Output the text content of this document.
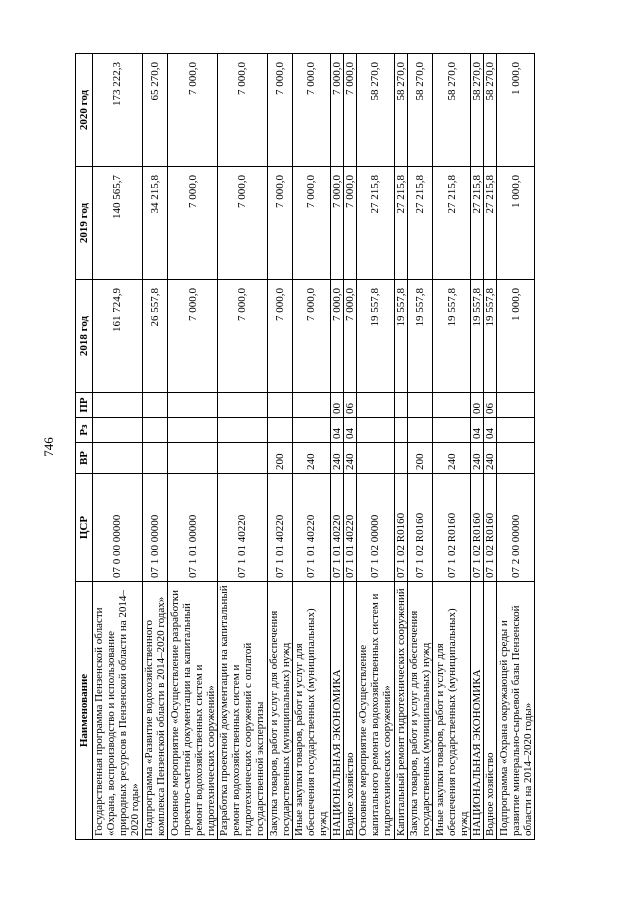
746
Наименование	ЦСР	ВР	Рз	ПР	2018 год	2019 год	2020 год
Государственная программа Пензенской области «Охрана, воспроизводство и использование природных ресурсов в Пензенской области на 2014–2020 годы»	07 0 00 00000				161 724,9	140 565,7	173 222,3
Подпрограмма «Развитие водохозяйственного комплекса Пензенской области в 2014–2020 годах»	07 1 00 00000				26 557,8	34 215,8	65 270,0
Основное мероприятие «Осуществление разработки проектно-сметной документации на капитальный ремонт водохозяйственных систем и гидротехнических сооружений»	07 1 01 00000				7 000,0	7 000,0	7 000,0
Разработка проектной документации на капитальный ремонт водохозяйственных систем и гидротехнических сооружений с оплатой государственной экспертизы	07 1 01 40220				7 000,0	7 000,0	7 000,0
Закупка товаров, работ и услуг для обеспечения государственных (муниципальных) нужд	07 1 01 40220	200			7 000,0	7 000,0	7 000,0
Иные закупки товаров, работ и услуг для обеспечения государственных (муниципальных) нужд	07 1 01 40220	240			7 000,0	7 000,0	7 000,0
НАЦИОНАЛЬНАЯ ЭКОНОМИКА	07 1 01 40220	240	04	00	7 000,0	7 000,0	7 000,0
Водное хозяйство	07 1 01 40220	240	04	06	7 000,0	7 000,0	7 000,0
Основное мероприятие «Осуществление капитального ремонта водохозяйственных систем и гидротехнических сооружений»	07 1 02 00000				19 557,8	27 215,8	58 270,0
Капитальный ремонт гидротехнических сооружений	07 1 02 R0160				19 557,8	27 215,8	58 270,0
Закупка товаров, работ и услуг для обеспечения государственных (муниципальных) нужд	07 1 02 R0160	200			19 557,8	27 215,8	58 270,0
Иные закупки товаров, работ и услуг для обеспечения государственных (муниципальных) нужд	07 1 02 R0160	240			19 557,8	27 215,8	58 270,0
НАЦИОНАЛЬНАЯ ЭКОНОМИКА	07 1 02 R0160	240	04	00	19 557,8	27 215,8	58 270,0
Водное хозяйство	07 1 02 R0160	240	04	06	19 557,8	27 215,8	58 270,0
Подпрограмма «Охрана окружающей среды и развитие минерально-сырьевой базы Пензенской области на 2014–2020 годы»	07 2 00 00000				1 000,0	1 000,0	1 000,0
